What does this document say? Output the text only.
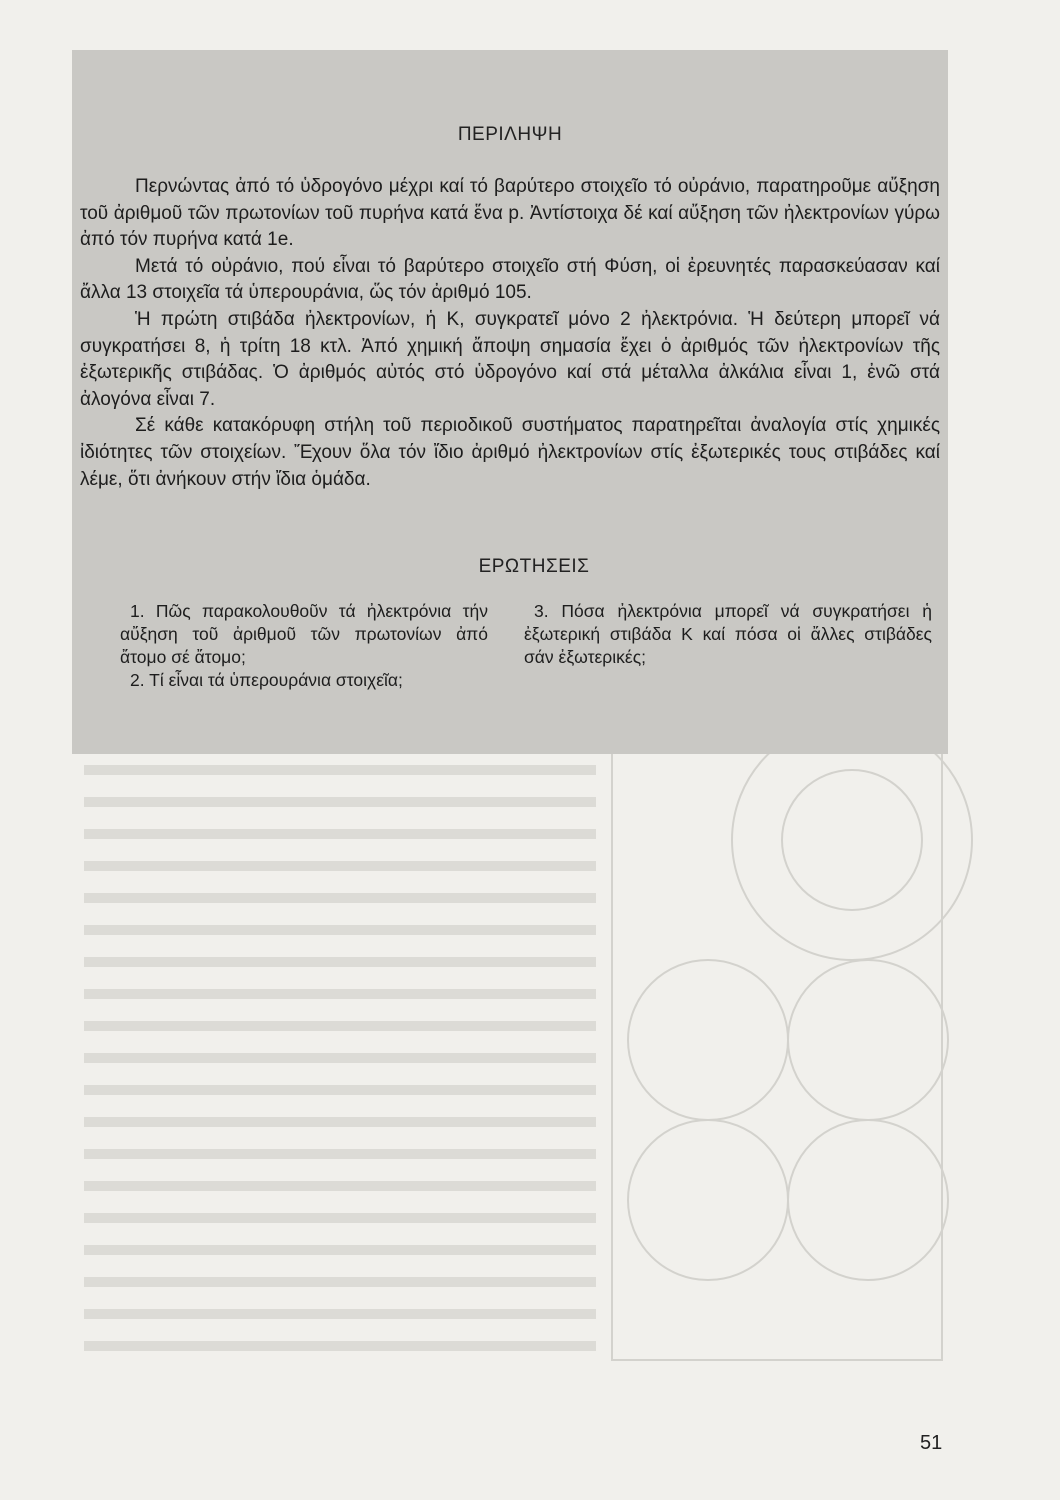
ΠΕΡΙΛΗΨΗ

Περνώντας ἀπό τό ὑδρογόνο μέχρι καί τό βαρύτερο στοιχεῖο τό οὐράνιο, παρατηροῦμε αὔξηση τοῦ ἀριθμοῦ τῶν πρωτονίων τοῦ πυρήνα κατά ἕνα p. Ἀντίστοιχα δέ καί αὔξηση τῶν ἠλεκτρονίων γύρω ἀπό τόν πυρήνα κατά 1e.

Μετά τό οὐράνιο, πού εἶναι τό βαρύτερο στοιχεῖο στή Φύση, οἱ ἐρευνητές παρασκεύασαν καί ἄλλα 13 στοιχεῖα τά ὑπερουράνια, ὥς τόν ἀριθμό 105.

Ἡ πρώτη στιβάδα ἠλεκτρονίων, ἡ Κ, συγκρατεῖ μόνο 2 ἠλεκτρόνια. Ἡ δεύτερη μπορεῖ νά συγκρατήσει 8, ἡ τρίτη 18 κτλ. Ἀπό χημική ἄποψη σημασία ἔχει ὁ ἀριθμός τῶν ἠλεκτρονίων τῆς ἐξωτερικῆς στιβάδας. Ὁ ἀριθμός αὐτός στό ὑδρογόνο καί στά μέταλλα ἀλκάλια εἶναι 1, ἐνῶ στά ἀλογόνα εἶναι 7.

Σέ κάθε κατακόρυφη στήλη τοῦ περιοδικοῦ συστήματος παρατηρεῖται ἀναλογία στίς χημικές ἰδιότητες τῶν στοιχείων. Ἔχουν ὅλα τόν ἴδιο ἀριθμό ἠλεκτρονίων στίς ἐξωτερικές τους στιβάδες καί λέμε, ὅτι ἀνήκουν στήν ἴδια ὁμάδα.

ΕΡΩΤΗΣΕΙΣ

1. Πῶς παρακολουθοῦν τά ἠλεκτρόνια τήν αὔξηση τοῦ ἀριθμοῦ τῶν πρωτονίων ἀπό ἄτομο σέ ἄτομο;

2. Τί εἶναι τά ὑπερουράνια στοιχεῖα;

3. Πόσα ἠλεκτρόνια μπορεῖ νά συγκρατήσει ἡ ἐξωτερική στιβάδα Κ καί πόσα οἱ ἄλλες στιβάδες σάν ἐξωτερικές;

51
